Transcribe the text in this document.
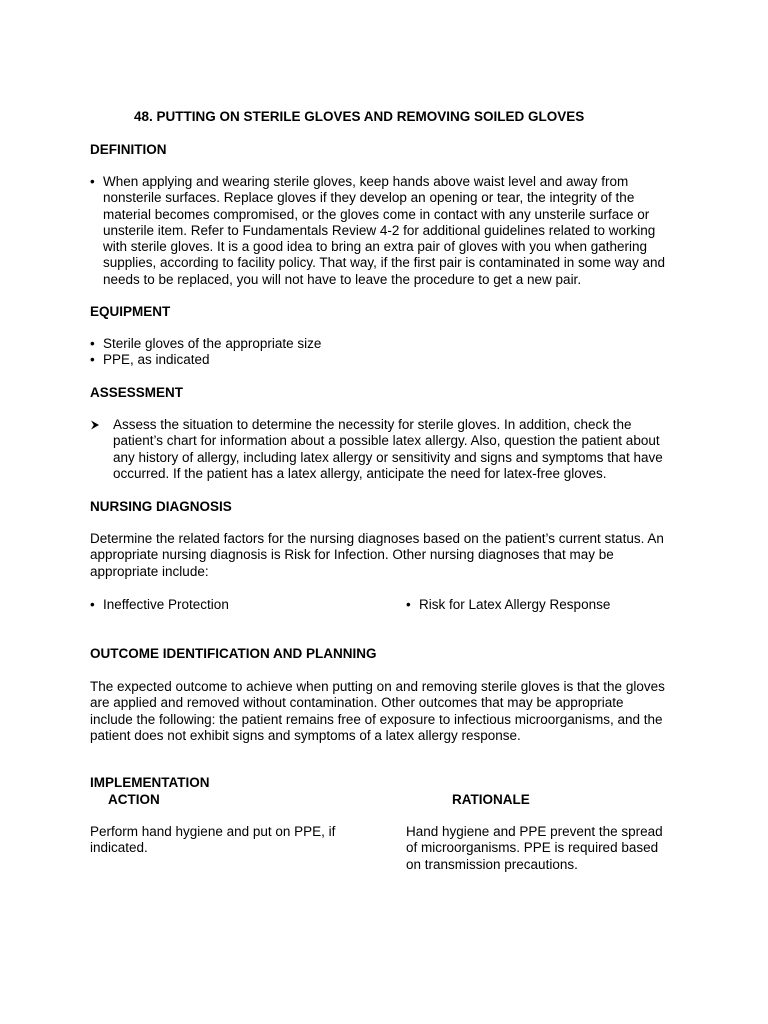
48. PUTTING ON STERILE GLOVES AND REMOVING SOILED GLOVES
DEFINITION
• When applying and wearing sterile gloves, keep hands above waist level and away from
nonsterile surfaces. Replace gloves if they develop an opening or tear, the integrity of the
material becomes compromised, or the gloves come in contact with any unsterile surface or
unsterile item. Refer to Fundamentals Review 4-2 for additional guidelines related to working
with sterile gloves. It is a good idea to bring an extra pair of gloves with you when gathering
supplies, according to facility policy. That way, if the first pair is contaminated in some way and
needs to be replaced, you will not have to leave the procedure to get a new pair.
EQUIPMENT
• Sterile gloves of the appropriate size
• PPE, as indicated
ASSESSMENT
Assess the situation to determine the necessity for sterile gloves. In addition, check the
patient’s chart for information about a possible latex allergy. Also, question the patient about
any history of allergy, including latex allergy or sensitivity and signs and symptoms that have
occurred. If the patient has a latex allergy, anticipate the need for latex-free gloves.
NURSING DIAGNOSIS
Determine the related factors for the nursing diagnoses based on the patient’s current status. An
appropriate nursing diagnosis is Risk for Infection. Other nursing diagnoses that may be
appropriate include:
• Ineffective Protection	• Risk for Latex Allergy Response
OUTCOME IDENTIFICATION AND PLANNING
The expected outcome to achieve when putting on and removing sterile gloves is that the gloves
are applied and removed without contamination. Other outcomes that may be appropriate
include the following: the patient remains free of exposure to infectious microorganisms, and the
patient does not exhibit signs and symptoms of a latex allergy response.
IMPLEMENTATION
ACTION	RATIONALE
Perform hand hygiene and put on PPE, if
indicated.
Hand hygiene and PPE prevent the spread
of microorganisms. PPE is required based
on transmission precautions.
